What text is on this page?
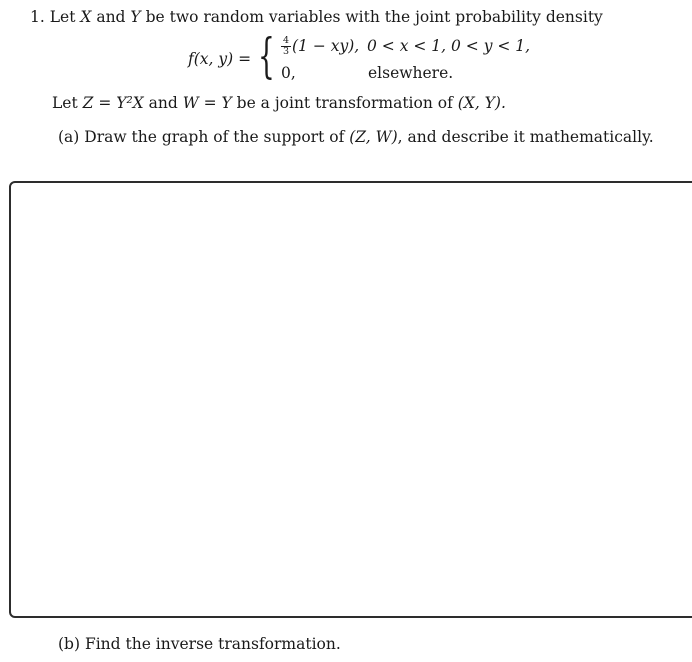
1. Let X and Y be two random variables with the joint probability density
f(x, y) = { $\frac{4}{3} (1 - xy)$, 0 < x < 1, 0 < y < 1,
0,	elsewhere.
Let Z = Y²X and W = Y be a joint transformation of (X, Y).
(a) Draw the graph of the support of (Z, W), and describe it mathematically.
(b) Find the inverse transformation.
